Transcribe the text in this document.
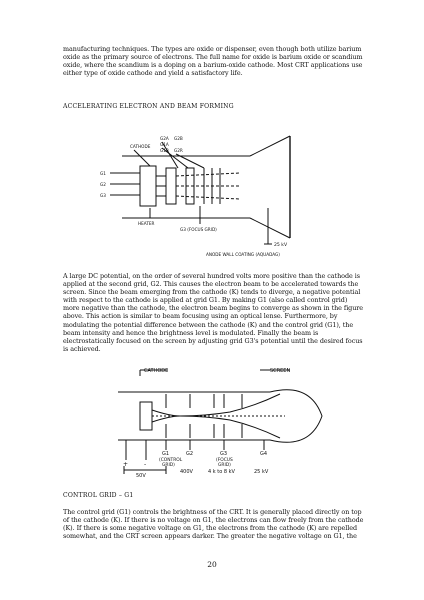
manufacturing techniques. The types are oxide or dispenser, even though both utilize barium oxide as the primary source of electrons. The full name for oxide is barium oxide or scandium oxide, where the scandium is a doping on a barium-oxide cathode. Most CRT applications use either type of oxide cathode and yield a satisfactory life.

ACCELERATING ELECTRON AND BEAM FORMING

CATHODE
G2A
G1A
G1B
G2B
G2R
G1
G2
G3
HEATER
G3 (FOCUS GRID)
ANODE WALL COATING (AQUADAG)
25 kV

A large DC potential, on the order of several hundred volts more positive than the cathode is applied at the second grid, G2. This causes the electron beam to be accelerated towards the screen. Since the beam emerging from the cathode (K) tends to diverge, a negative potential with respect to the cathode is applied at grid G1. By making G1 (also called control grid) more negative than the cathode, the electron beam begins to converge as shown in the figure above. This action is similar to beam focusing using an optical lense. Furthermore, by modulating the potential difference between the cathode (K) and the control grid (G1), the beam intensity and hence the brightness level is modulated. Finally the beam is electrostatically focused on the screen by adjusting grid G3's potential until the desired focus is achieved.

CATHODE	SCREEN
G1
(CONTROL
GRID)
G2	G3
(FOCUS
GRID)
G4
+	-
50V
400V	4 k to 8 kV	25 kV

CONTROL GRID – G1

The control grid (G1) controls the brightness of the CRT. It is generally placed directly on top of the cathode (K). If there is no voltage on G1, the electrons can flow freely from the cathode (K). If there is some negative voltage on G1, the electrons from the cathode (K) are repelled somewhat, and the CRT screen appears darker. The greater the negative voltage on G1, the

20
